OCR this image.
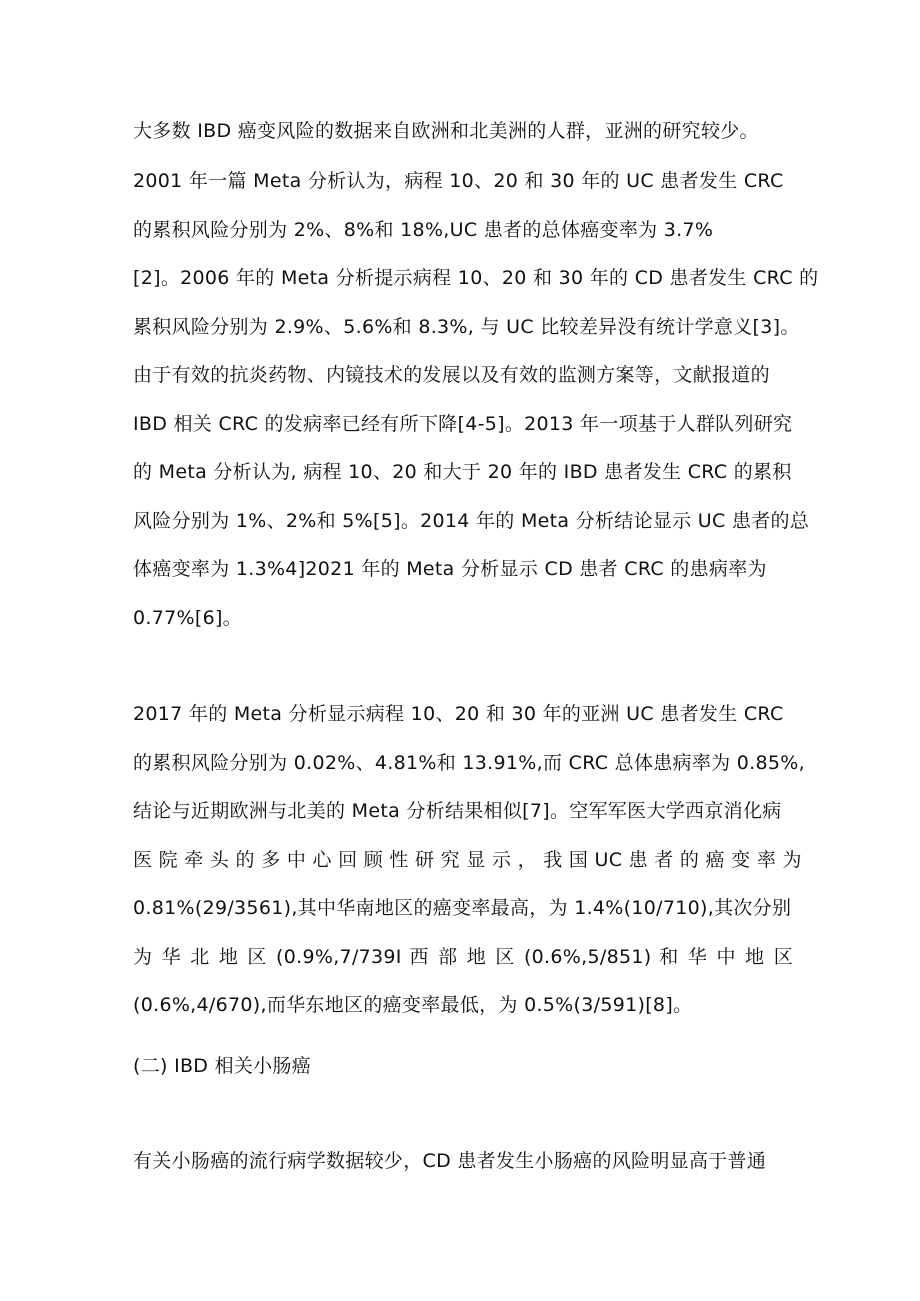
大多数 IBD 癌变风险的数据来自欧洲和北美洲的人群，亚洲的研究较少。
2001 年一篇 Meta 分析认为，病程 10、20 和 30 年的 UC 患者发生 CRC
的累积风险分别为 2%、8%和 18%,UC 患者的总体癌变率为 3.7%
[2]。2006 年的 Meta 分析提示病程 10、20 和 30 年的 CD 患者发生 CRC 的
累积风险分别为 2.9%、5.6%和 8.3%, 与 UC 比较差异没有统计学意义[3]。
由于有效的抗炎药物、内镜技术的发展以及有效的监测方案等，文献报道的
IBD 相关 CRC 的发病率已经有所下降[4-5]。2013 年一项基于人群队列研究
的 Meta 分析认为, 病程 10、20 和大于 20 年的 IBD 患者发生 CRC 的累积
风险分别为 1%、2%和 5%[5]。2014 年的 Meta 分析结论显示 UC 患者的总
体癌变率为 1.3%4]2021 年的 Meta 分析显示 CD 患者 CRC 的患病率为
0.77%[6]。
2017 年的 Meta 分析显示病程 10、20 和 30 年的亚洲 UC 患者发生 CRC
的累积风险分别为 0.02%、4.81%和 13.91%,而 CRC 总体患病率为 0.85%,
结论与近期欧洲与北美的 Meta 分析结果相似[7]。空军军医大学西京消化病
医 院 牵 头 的 多 中 心 回 顾 性 研 究 显 示 ， 我 国 UC 患 者 的 癌 变 率 为
0.81%(29/3561),其中华南地区的癌变率最高，为 1.4%(10/710),其次分别
为 华 北 地 区 (0.9%,7/739I 西 部 地 区 (0.6%,5/851) 和 华 中 地 区
(0.6%,4/670),而华东地区的癌变率最低，为 0.5%(3/591)[8]。
(二) IBD 相关小肠癌
有关小肠癌的流行病学数据较少，CD 患者发生小肠癌的风险明显高于普通
